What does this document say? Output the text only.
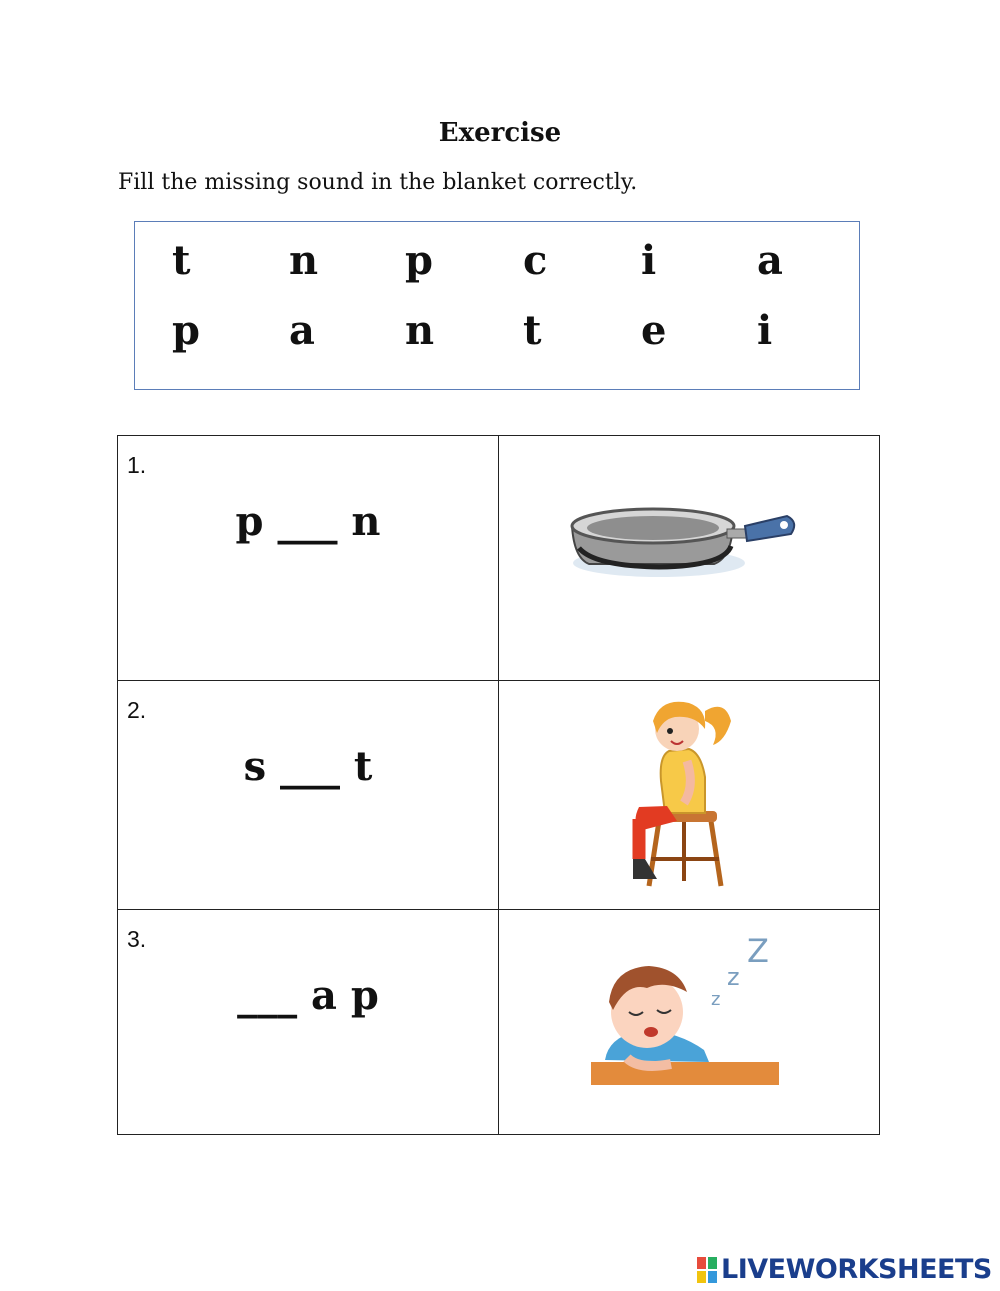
Exercise
Fill the missing sound in the blanket correctly.
t n p c i	a
p a n t e i
1.
p ___ n

2.
s ___ t

3.
___ a p	z
z
Z
LIVEWORKSHEETS
